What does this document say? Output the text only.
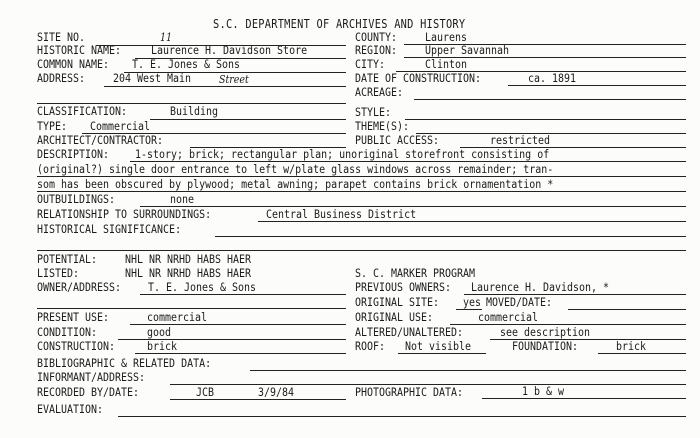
S.C. DEPARTMENT OF ARCHIVES AND HISTORY
SITE NO.	11	COUNTY: Laurens
HISTORIC NAME:	Laurence H. Davidson Store	REGION: Upper Savannah
COMMON NAME: T. E. Jones & Sons	CITY:	Clinton
ADDRESS: 204 West Main	Street	DATE OF CONSTRUCTION:	ca. 1891
ACREAGE:
CLASSIFICATION:	Building	STYLE:
TYPE: Commercial	THEME(S):
ARCHITECT/CONTRACTOR:	PUBLIC ACCESS:	restricted
DESCRIPTION: 1-story; brick; rectangular plan; unoriginal storefront consisting of
(original?) single door entrance to left w/plate glass windows across remainder; tran-
som has been obscured by plywood; metal awning; parapet contains brick ornamentation *
OUTBUILDINGS:	none
RELATIONSHIP TO SURROUNDINGS:	Central Business District
HISTORICAL SIGNIFICANCE:
POTENTIAL: NHL NR NRHD HABS HAER
LISTED:	NHL NR NRHD HABS HAER	S. C. MARKER PROGRAM
OWNER/ADDRESS: T. E. Jones & Sons	PREVIOUS OWNERS: Laurence H. Davidson, *
ORIGINAL SITE: yes MOVED/DATE:
PRESENT USE:	commercial	ORIGINAL USE:	commercial
CONDITION:	good	ALTERED/UNALTERED:	see description
CONSTRUCTION:	brick	ROOF: Not visible	FOUNDATION:	brick
BIBLIOGRAPHIC & RELATED DATA:
INFORMANT/ADDRESS:
RECORDED BY/DATE:	JCB	3/9/84	PHOTOGRAPHIC DATA:	1 b & w
EVALUATION:
